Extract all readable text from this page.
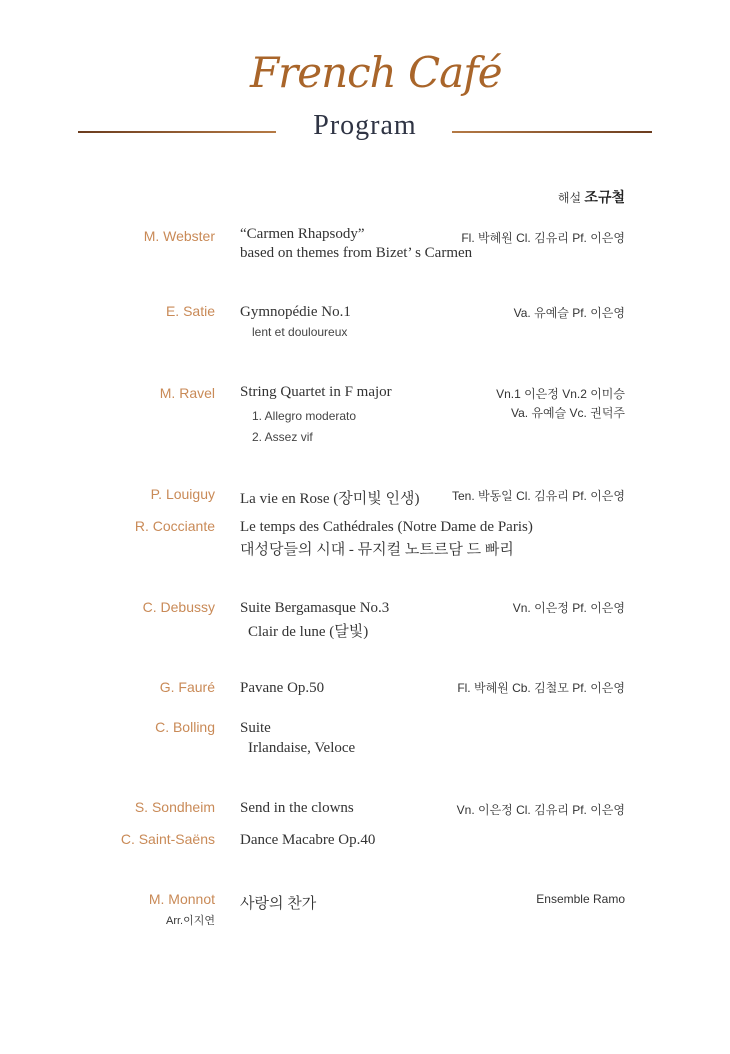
French Café
Program
해설 조규철
M. Webster “Carmen Rhapsody”
based on themes from Bizet’ s Carmen
Fl. 박혜원 Cl. 김유리 Pf. 이은영
E. Satie Gymnopédie No.1
lent et douloureux
Va. 유예슬 Pf. 이은영
M. Ravel String Quartet in F major
1. Allegro moderato
2. Assez vif
Vn.1 이은정 Vn.2 이미승
Va. 유예슬 Vc. 권덕주
P. Louiguy La vie en Rose (장미빛 인생)	Ten. 박동일 Cl. 김유리 Pf. 이은영
R. Cocciante Le temps des Cathédrales (Notre Dame de Paris)
대성당들의 시대 - 뮤지컬 노트르담 드 빠리
C. Debussy Suite Bergamasque No.3
Clair de lune (달빛)
Vn. 이은정 Pf. 이은영
G. Fauré Pavane Op.50	Fl. 박혜원 Cb. 김철모 Pf. 이은영
C. Bolling Suite
Irlandaise, Veloce
S. Sondheim Send in the clowns	Vn. 이은정 Cl. 김유리 Pf. 이은영
C. Saint-Saëns Dance Macabre Op.40
M. Monnot
Arr.이지연
사랑의 찬가	Ensemble Ramo
